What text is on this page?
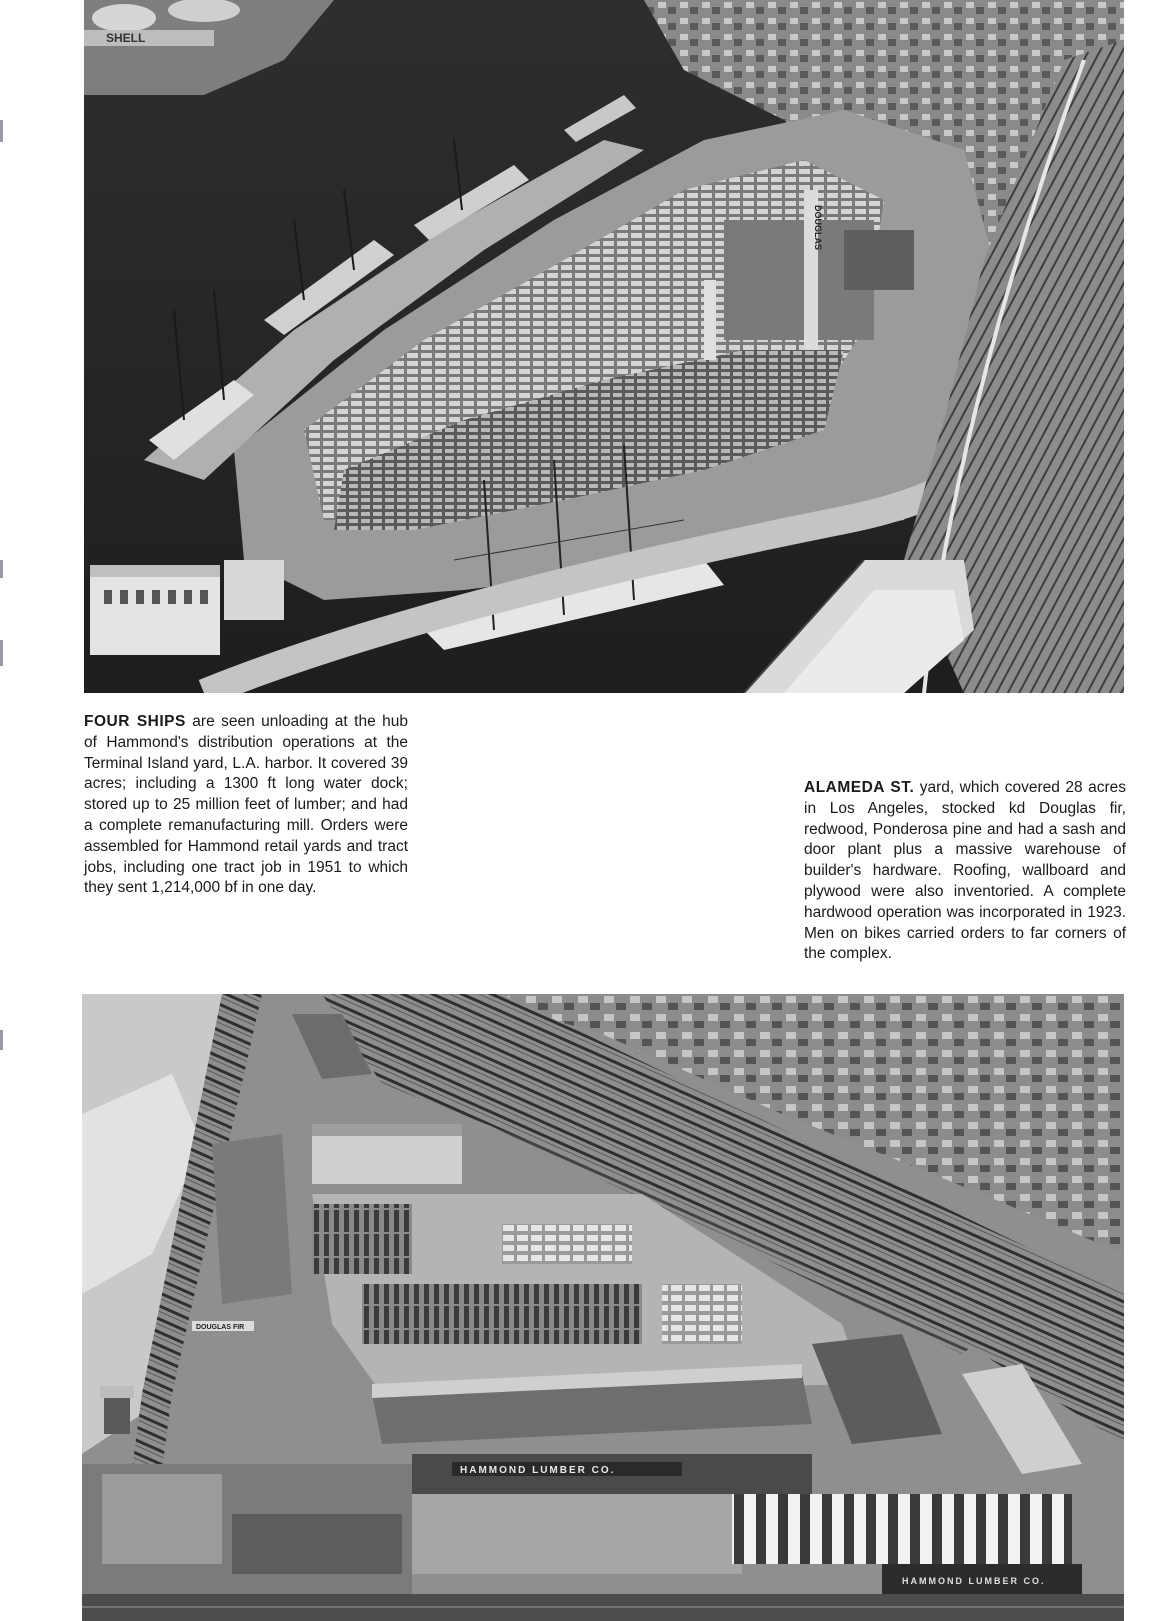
SHELL
DOUGLAS

FOUR SHIPS are seen unloading at the hub of Hammond's distribution operations at the Terminal Island yard, L.A. harbor. It covered 39 acres; including a 1300 ft long water dock; stored up to 25 million feet of lumber; and had a complete remanufacturing mill. Orders were assembled for Hammond retail yards and tract jobs, including one tract job in 1951 to which they sent 1,214,000 bf in one day.

ALAMEDA ST. yard, which covered 28 acres in Los Angeles, stocked kd Douglas fir, redwood, Ponderosa pine and had a sash and door plant plus a massive warehouse of builder's hardware. Roofing, wallboard and plywood were also inventoried. A complete hardwood operation was incorporated in 1923. Men on bikes carried orders to far corners of the complex.

DOUGLAS FIR
HAMMOND LUMBER CO.
HAMMOND LUMBER CO.
